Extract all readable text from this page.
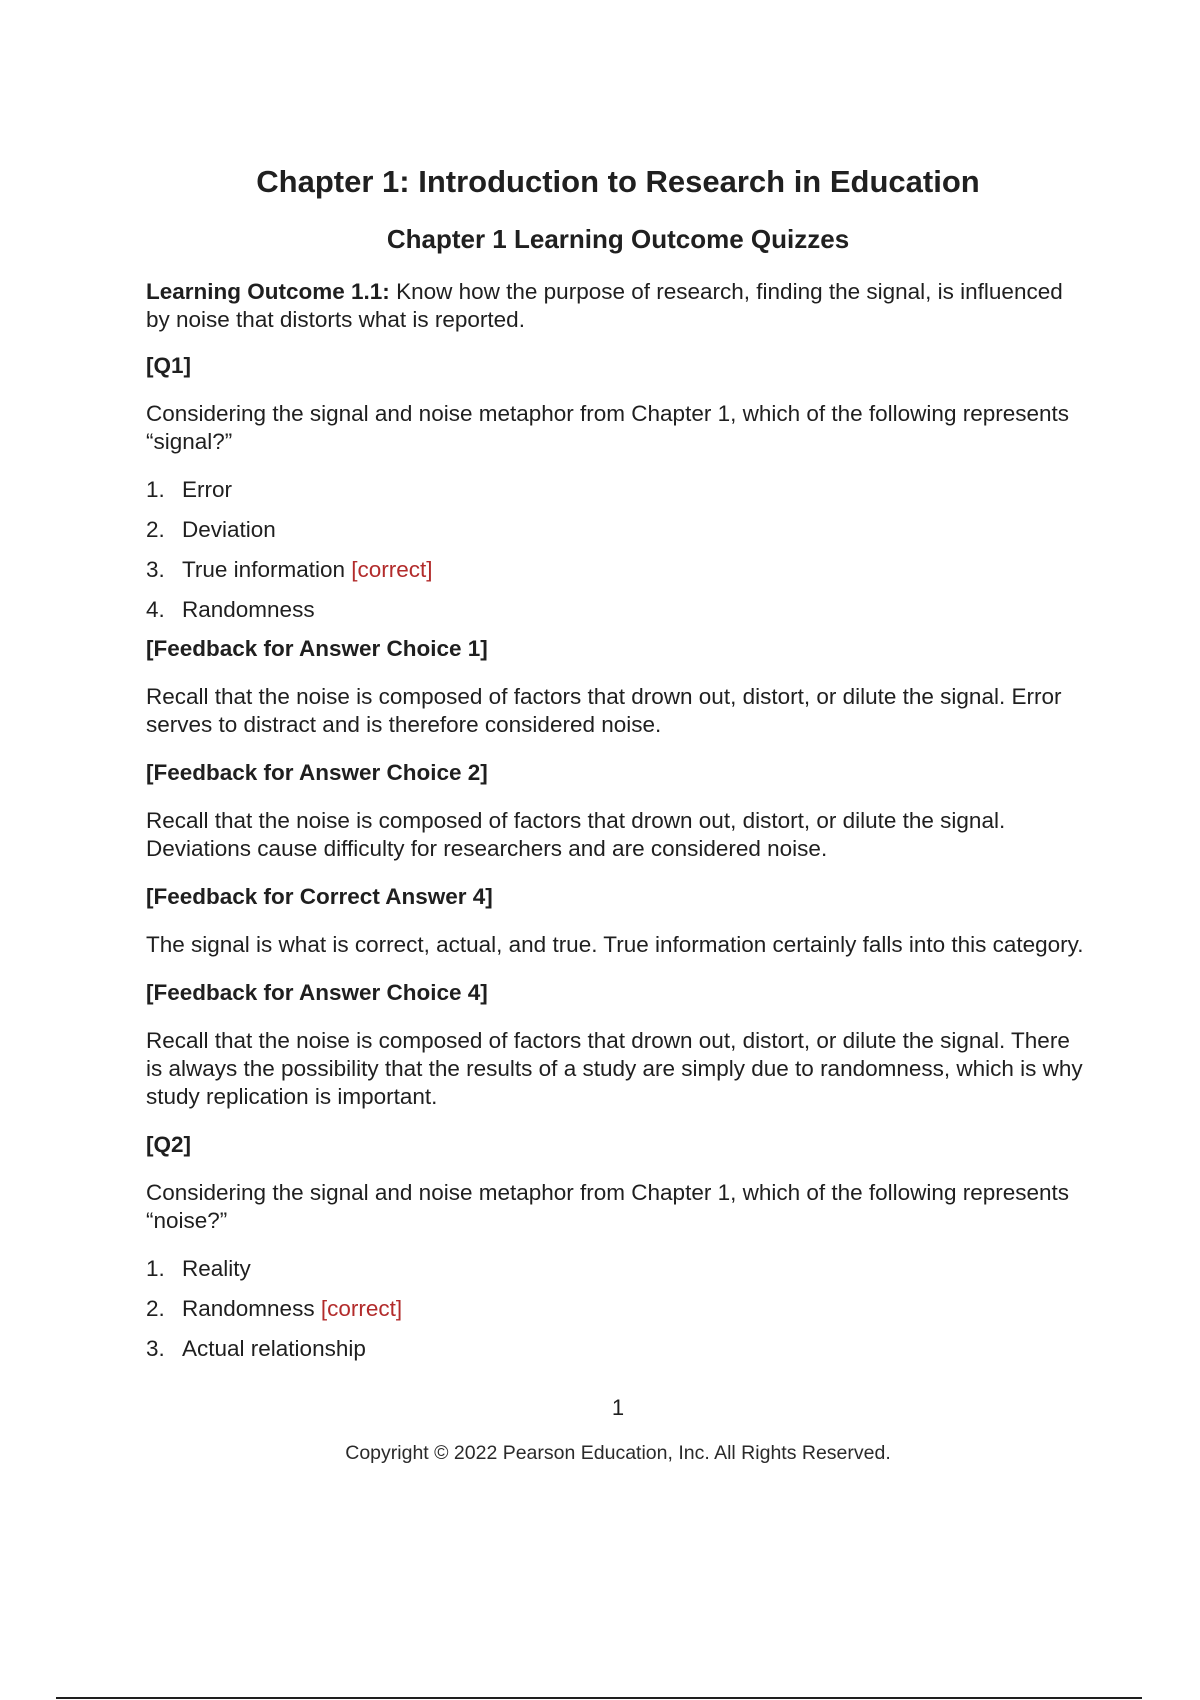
Chapter 1: Introduction to Research in Education
Chapter 1 Learning Outcome Quizzes

Learning Outcome 1.1: Know how the purpose of research, finding the signal, is influenced by noise that distorts what is reported.

[Q1]

Considering the signal and noise metaphor from Chapter 1, which of the following represents “signal?”

1. Error
2. Deviation
3. True information [correct]
4. Randomness

[Feedback for Answer Choice 1]

Recall that the noise is composed of factors that drown out, distort, or dilute the signal. Error serves to distract and is therefore considered noise.

[Feedback for Answer Choice 2]

Recall that the noise is composed of factors that drown out, distort, or dilute the signal. Deviations cause difficulty for researchers and are considered noise.

[Feedback for Correct Answer 4]

The signal is what is correct, actual, and true. True information certainly falls into this category.

[Feedback for Answer Choice 4]

Recall that the noise is composed of factors that drown out, distort, or dilute the signal. There is always the possibility that the results of a study are simply due to randomness, which is why study replication is important.

[Q2]

Considering the signal and noise metaphor from Chapter 1, which of the following represents “noise?”

1. Reality
2. Randomness [correct]
3. Actual relationship
1
Copyright © 2022 Pearson Education, Inc. All Rights Reserved.
